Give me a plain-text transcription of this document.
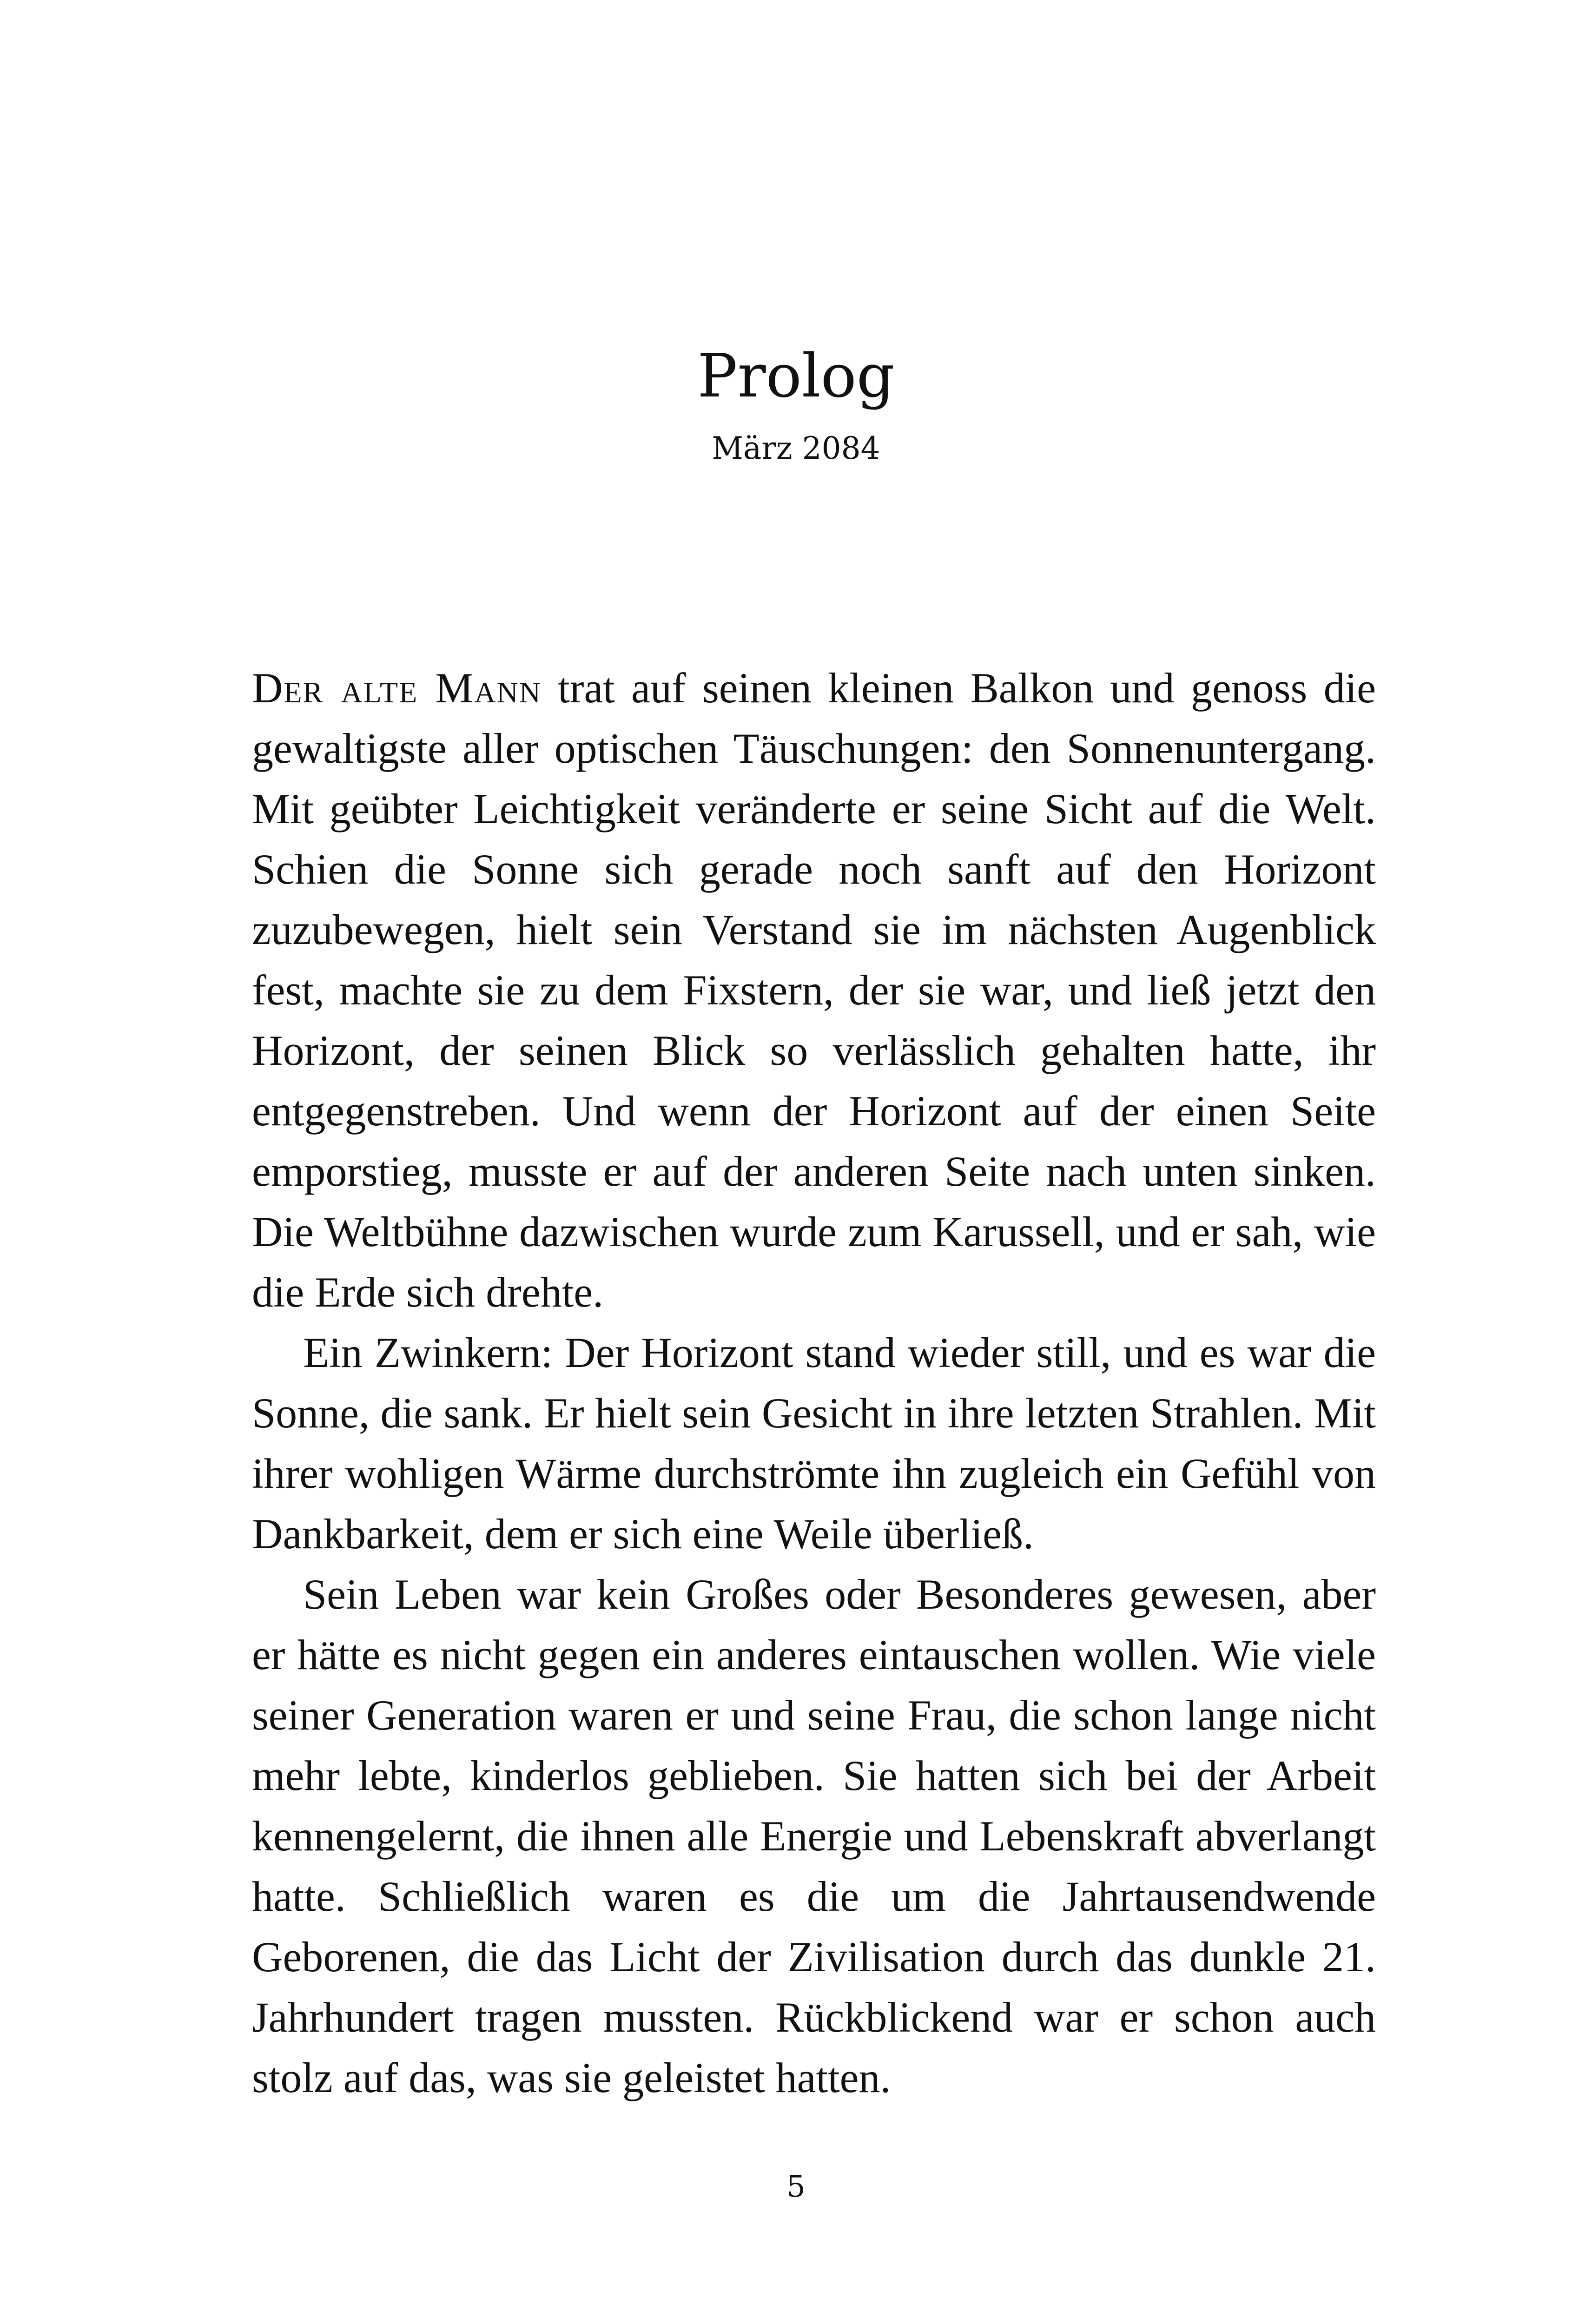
Prolog
März 2084

Der alte Mann trat auf seinen kleinen Balkon und genoss die gewaltigste aller optischen Täuschungen: den Sonnenuntergang. Mit geübter Leichtigkeit veränderte er seine Sicht auf die Welt. Schien die Sonne sich gerade noch sanft auf den Horizont zuzubewegen, hielt sein Verstand sie im nächsten Augenblick fest, machte sie zu dem Fixstern, der sie war, und ließ jetzt den Horizont, der seinen Blick so verlässlich gehalten hatte, ihr entgegenstreben. Und wenn der Horizont auf der einen Seite emporstieg, musste er auf der anderen Seite nach unten sinken. Die Weltbühne dazwischen wurde zum Karussell, und er sah, wie die Erde sich drehte.

Ein Zwinkern: Der Horizont stand wieder still, und es war die Sonne, die sank. Er hielt sein Gesicht in ihre letzten Strahlen. Mit ihrer wohligen Wärme durchströmte ihn zugleich ein Gefühl von Dankbarkeit, dem er sich eine Weile überließ.

Sein Leben war kein Großes oder Besonderes gewesen, aber er hätte es nicht gegen ein anderes eintauschen wollen. Wie viele seiner Generation waren er und seine Frau, die schon lange nicht mehr lebte, kinderlos geblieben. Sie hatten sich bei der Arbeit kennengelernt, die ihnen alle Energie und Lebenskraft abverlangt hatte. Schließlich waren es die um die Jahrtausendwende Geborenen, die das Licht der Zivilisation durch das dunkle 21. Jahrhundert tragen mussten. Rückblickend war er schon auch stolz auf das, was sie geleistet hatten.

5
